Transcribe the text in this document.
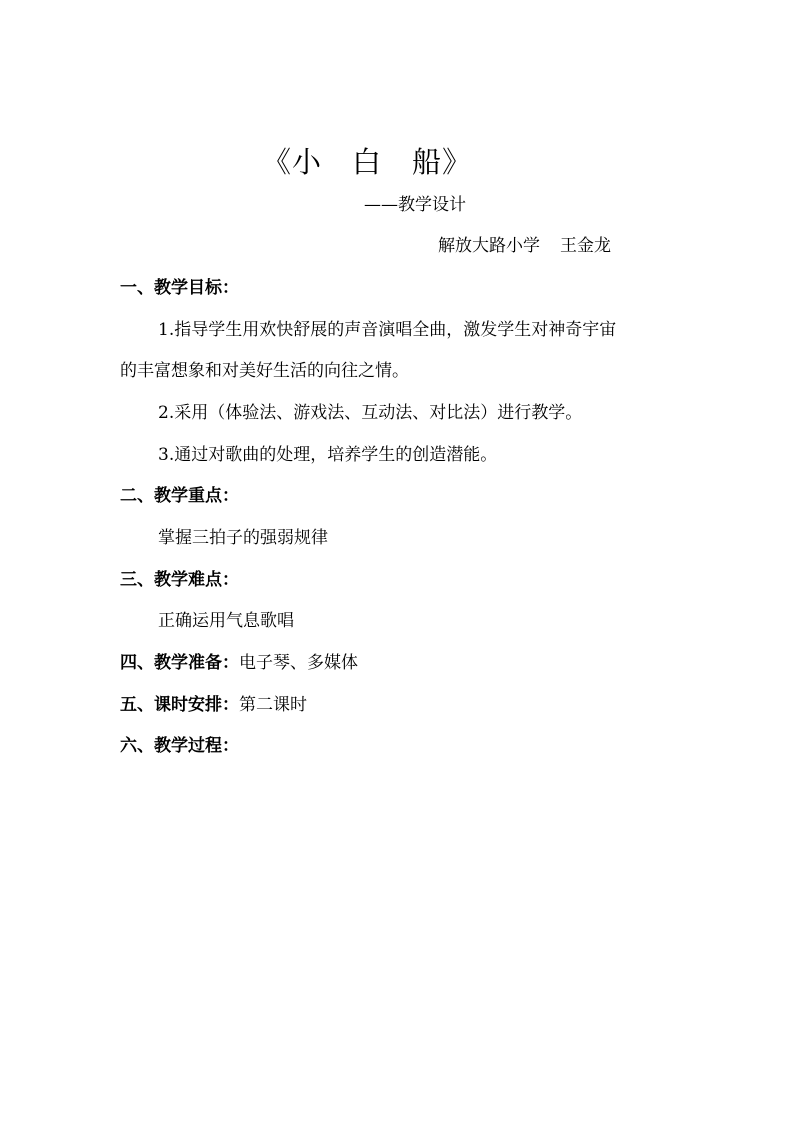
《小　白　船》
——教学设计
解放大路小学 王金龙
一、教学目标：
1.指导学生用欢快舒展的声音演唱全曲，激发学生对神奇宇宙
的丰富想象和对美好生活的向往之情。
2.采用（体验法、游戏法、互动法、对比法）进行教学。
3.通过对歌曲的处理，培养学生的创造潜能。
二、教学重点：
掌握三拍子的强弱规律
三、教学难点：
正确运用气息歌唱
四、教学准备：电子琴、多媒体
五、课时安排：第二课时
六、教学过程：
